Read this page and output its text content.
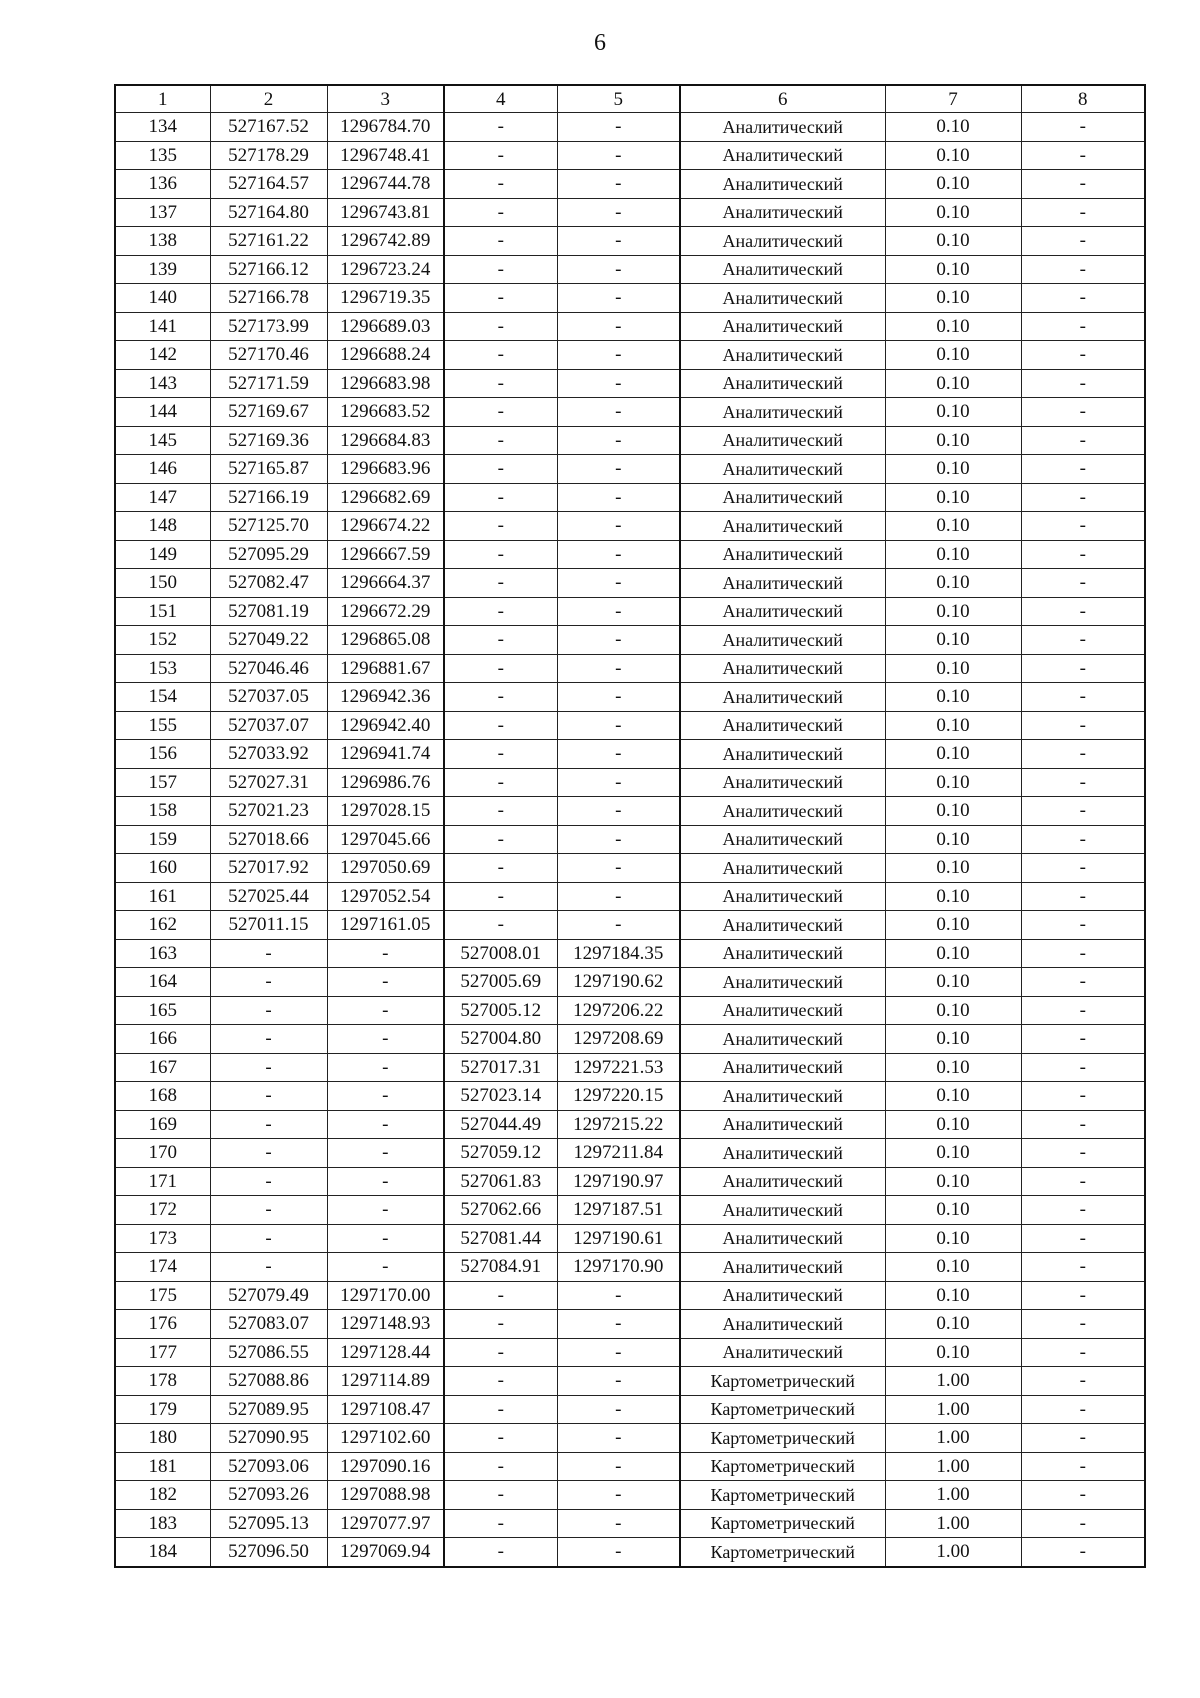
6
1	2	3	4	5	6	7	8
134	527167.52	1296784.70	-	-	Аналитический	0.10	-
135	527178.29	1296748.41	-	-	Аналитический	0.10	-
136	527164.57	1296744.78	-	-	Аналитический	0.10	-
137	527164.80	1296743.81	-	-	Аналитический	0.10	-
138	527161.22	1296742.89	-	-	Аналитический	0.10	-
139	527166.12	1296723.24	-	-	Аналитический	0.10	-
140	527166.78	1296719.35	-	-	Аналитический	0.10	-
141	527173.99	1296689.03	-	-	Аналитический	0.10	-
142	527170.46	1296688.24	-	-	Аналитический	0.10	-
143	527171.59	1296683.98	-	-	Аналитический	0.10	-
144	527169.67	1296683.52	-	-	Аналитический	0.10	-
145	527169.36	1296684.83	-	-	Аналитический	0.10	-
146	527165.87	1296683.96	-	-	Аналитический	0.10	-
147	527166.19	1296682.69	-	-	Аналитический	0.10	-
148	527125.70	1296674.22	-	-	Аналитический	0.10	-
149	527095.29	1296667.59	-	-	Аналитический	0.10	-
150	527082.47	1296664.37	-	-	Аналитический	0.10	-
151	527081.19	1296672.29	-	-	Аналитический	0.10	-
152	527049.22	1296865.08	-	-	Аналитический	0.10	-
153	527046.46	1296881.67	-	-	Аналитический	0.10	-
154	527037.05	1296942.36	-	-	Аналитический	0.10	-
155	527037.07	1296942.40	-	-	Аналитический	0.10	-
156	527033.92	1296941.74	-	-	Аналитический	0.10	-
157	527027.31	1296986.76	-	-	Аналитический	0.10	-
158	527021.23	1297028.15	-	-	Аналитический	0.10	-
159	527018.66	1297045.66	-	-	Аналитический	0.10	-
160	527017.92	1297050.69	-	-	Аналитический	0.10	-
161	527025.44	1297052.54	-	-	Аналитический	0.10	-
162	527011.15	1297161.05	-	-	Аналитический	0.10	-
163	-	-	527008.01	1297184.35	Аналитический	0.10	-
164	-	-	527005.69	1297190.62	Аналитический	0.10	-
165	-	-	527005.12	1297206.22	Аналитический	0.10	-
166	-	-	527004.80	1297208.69	Аналитический	0.10	-
167	-	-	527017.31	1297221.53	Аналитический	0.10	-
168	-	-	527023.14	1297220.15	Аналитический	0.10	-
169	-	-	527044.49	1297215.22	Аналитический	0.10	-
170	-	-	527059.12	1297211.84	Аналитический	0.10	-
171	-	-	527061.83	1297190.97	Аналитический	0.10	-
172	-	-	527062.66	1297187.51	Аналитический	0.10	-
173	-	-	527081.44	1297190.61	Аналитический	0.10	-
174	-	-	527084.91	1297170.90	Аналитический	0.10	-
175	527079.49	1297170.00	-	-	Аналитический	0.10	-
176	527083.07	1297148.93	-	-	Аналитический	0.10	-
177	527086.55	1297128.44	-	-	Аналитический	0.10	-
178	527088.86	1297114.89	-	-	Картометрический	1.00	-
179	527089.95	1297108.47	-	-	Картометрический	1.00	-
180	527090.95	1297102.60	-	-	Картометрический	1.00	-
181	527093.06	1297090.16	-	-	Картометрический	1.00	-
182	527093.26	1297088.98	-	-	Картометрический	1.00	-
183	527095.13	1297077.97	-	-	Картометрический	1.00	-
184	527096.50	1297069.94	-	-	Картометрический	1.00	-
